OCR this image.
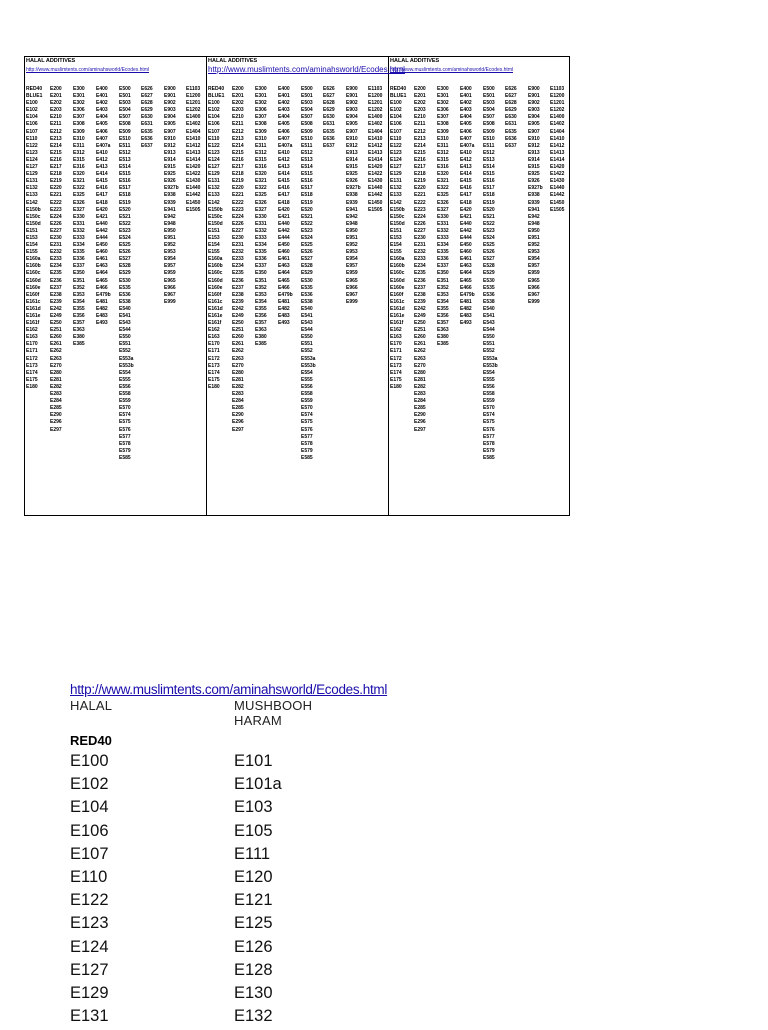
HALAL ADDITIVES
http://www.muslimtents.com/aminahsworld/Ecodes.html
RED40
BLUE1
E100
E102
E104
E106
E107
E110
E122
E123
E124
E127
E129
E131
E132
E133
E142
E150b
E150c
E150d
E151
E153
E154
E155
E160a
E160b
E160c
E160d
E160e
E160f
E161c
E161d
E161e
E161f
E162
E163
E170
E171
E172
E173
E174
E175
E180
E200
E201
E202
E203
E210
E211
E212
E213
E214
E215
E216
E217
E218
E219
E220
E221
E222
E223
E224
E226
E227
E230
E231
E232
E233
E234
E235
E236
E237
E238
E239
E242
E249
E250
E251
E260
E261
E262
E263
E270
E280
E281
E282
E283
E284
E285
E290
E296
E297
E300
E301
E302
E306
E307
E308
E309
E310
E311
E312
E315
E316
E320
E321
E322
E325
E326
E327
E330
E331
E332
E333
E334
E335
E336
E337
E350
E351
E352
E353
E354
E355
E356
E357
E363
E380
E385
E400
E401
E402
E403
E404
E405
E406
E407
E407a
E410
E412
E413
E414
E415
E416
E417
E418
E420
E421
E440
E442
E444
E450
E460
E461
E463
E464
E465
E466
E479b
E481
E482
E483
E493
E500
E501
E503
E504
E507
E508
E509
E510
E511
E512
E513
E514
E515
E516
E517
E518
E519
E520
E521
E522
E523
E524
E525
E526
E527
E528
E529
E530
E535
E536
E538
E540
E541
E543
E544
E550
E551
E552
E553a
E553b
E554
E555
E556
E558
E559
E570
E574
E575
E576
E577
E578
E579
E585
E626
E627
E628
E629
E630
E631
E635
E636
E637
E900
E901
E902
E903
E904
E905
E907
E910
E912
E913
E914
E915
E925
E926
E927b
E938
E939
E941
E942
E948
E950
E951
E952
E953
E954
E957
E959
E965
E966
E967
E999
E1103
E1200
E1201
E1202
E1400
E1402
E1404
E1410
E1412
E1413
E1414
E1420
E1422
E1430
E1440
E1442
E1450
E1505
HALAL ADDITIVES
http://www.muslimtents.com/aminahsworld/Ecodes.html
RED40
BLUE1
E100
E102
E104
E106
E107
E110
E122
E123
E124
E127
E129
E131
E132
E133
E142
E150b
E150c
E150d
E151
E153
E154
E155
E160a
E160b
E160c
E160d
E160e
E160f
E161c
E161d
E161e
E161f
E162
E163
E170
E171
E172
E173
E174
E175
E180
E200
E201
E202
E203
E210
E211
E212
E213
E214
E215
E216
E217
E218
E219
E220
E221
E222
E223
E224
E226
E227
E230
E231
E232
E233
E234
E235
E236
E237
E238
E239
E242
E249
E250
E251
E260
E261
E262
E263
E270
E280
E281
E282
E283
E284
E285
E290
E296
E297
E300
E301
E302
E306
E307
E308
E309
E310
E311
E312
E315
E316
E320
E321
E322
E325
E326
E327
E330
E331
E332
E333
E334
E335
E336
E337
E350
E351
E352
E353
E354
E355
E356
E357
E363
E380
E385
E400
E401
E402
E403
E404
E405
E406
E407
E407a
E410
E412
E413
E414
E415
E416
E417
E418
E420
E421
E440
E442
E444
E450
E460
E461
E463
E464
E465
E466
E479b
E481
E482
E483
E493
E500
E501
E503
E504
E507
E508
E509
E510
E511
E512
E513
E514
E515
E516
E517
E518
E519
E520
E521
E522
E523
E524
E525
E526
E527
E528
E529
E530
E535
E536
E538
E540
E541
E543
E544
E550
E551
E552
E553a
E553b
E554
E555
E556
E558
E559
E570
E574
E575
E576
E577
E578
E579
E585
E626
E627
E628
E629
E630
E631
E635
E636
E637
E900
E901
E902
E903
E904
E905
E907
E910
E912
E913
E914
E915
E925
E926
E927b
E938
E939
E941
E942
E948
E950
E951
E952
E953
E954
E957
E959
E965
E966
E967
E999
E1103
E1200
E1201
E1202
E1400
E1402
E1404
E1410
E1412
E1413
E1414
E1420
E1422
E1430
E1440
E1442
E1450
E1505
HALAL ADDITIVES
http://www.muslimtents.com/aminahsworld/Ecodes.html
RED40
BLUE1
E100
E102
E104
E106
E107
E110
E122
E123
E124
E127
E129
E131
E132
E133
E142
E150b
E150c
E150d
E151
E153
E154
E155
E160a
E160b
E160c
E160d
E160e
E160f
E161c
E161d
E161e
E161f
E162
E163
E170
E171
E172
E173
E174
E175
E180
E200
E201
E202
E203
E210
E211
E212
E213
E214
E215
E216
E217
E218
E219
E220
E221
E222
E223
E224
E226
E227
E230
E231
E232
E233
E234
E235
E236
E237
E238
E239
E242
E249
E250
E251
E260
E261
E262
E263
E270
E280
E281
E282
E283
E284
E285
E290
E296
E297
E300
E301
E302
E306
E307
E308
E309
E310
E311
E312
E315
E316
E320
E321
E322
E325
E326
E327
E330
E331
E332
E333
E334
E335
E336
E337
E350
E351
E352
E353
E354
E355
E356
E357
E363
E380
E385
E400
E401
E402
E403
E404
E405
E406
E407
E407a
E410
E412
E413
E414
E415
E416
E417
E418
E420
E421
E440
E442
E444
E450
E460
E461
E463
E464
E465
E466
E479b
E481
E482
E483
E493
E500
E501
E503
E504
E507
E508
E509
E510
E511
E512
E513
E514
E515
E516
E517
E518
E519
E520
E521
E522
E523
E524
E525
E526
E527
E528
E529
E530
E535
E536
E538
E540
E541
E543
E544
E550
E551
E552
E553a
E553b
E554
E555
E556
E558
E559
E570
E574
E575
E576
E577
E578
E579
E585
E626
E627
E628
E629
E630
E631
E635
E636
E637
E900
E901
E902
E903
E904
E905
E907
E910
E912
E913
E914
E915
E925
E926
E927b
E938
E939
E941
E942
E948
E950
E951
E952
E953
E954
E957
E959
E965
E966
E967
E999
E1103
E1200
E1201
E1202
E1400
E1402
E1404
E1410
E1412
E1413
E1414
E1420
E1422
E1430
E1440
E1442
E1450
E1505
http://www.muslimtents.com/aminahsworld/Ecodes.html
HALAL	MUSHBOOH
HARAM
RED40
E100
E102
E104
E106
E107
E110
E122
E123
E124
E127
E129
E131
E101
E101a
E103
E105
E111
E120
E121
E125
E126
E128
E130
E132
